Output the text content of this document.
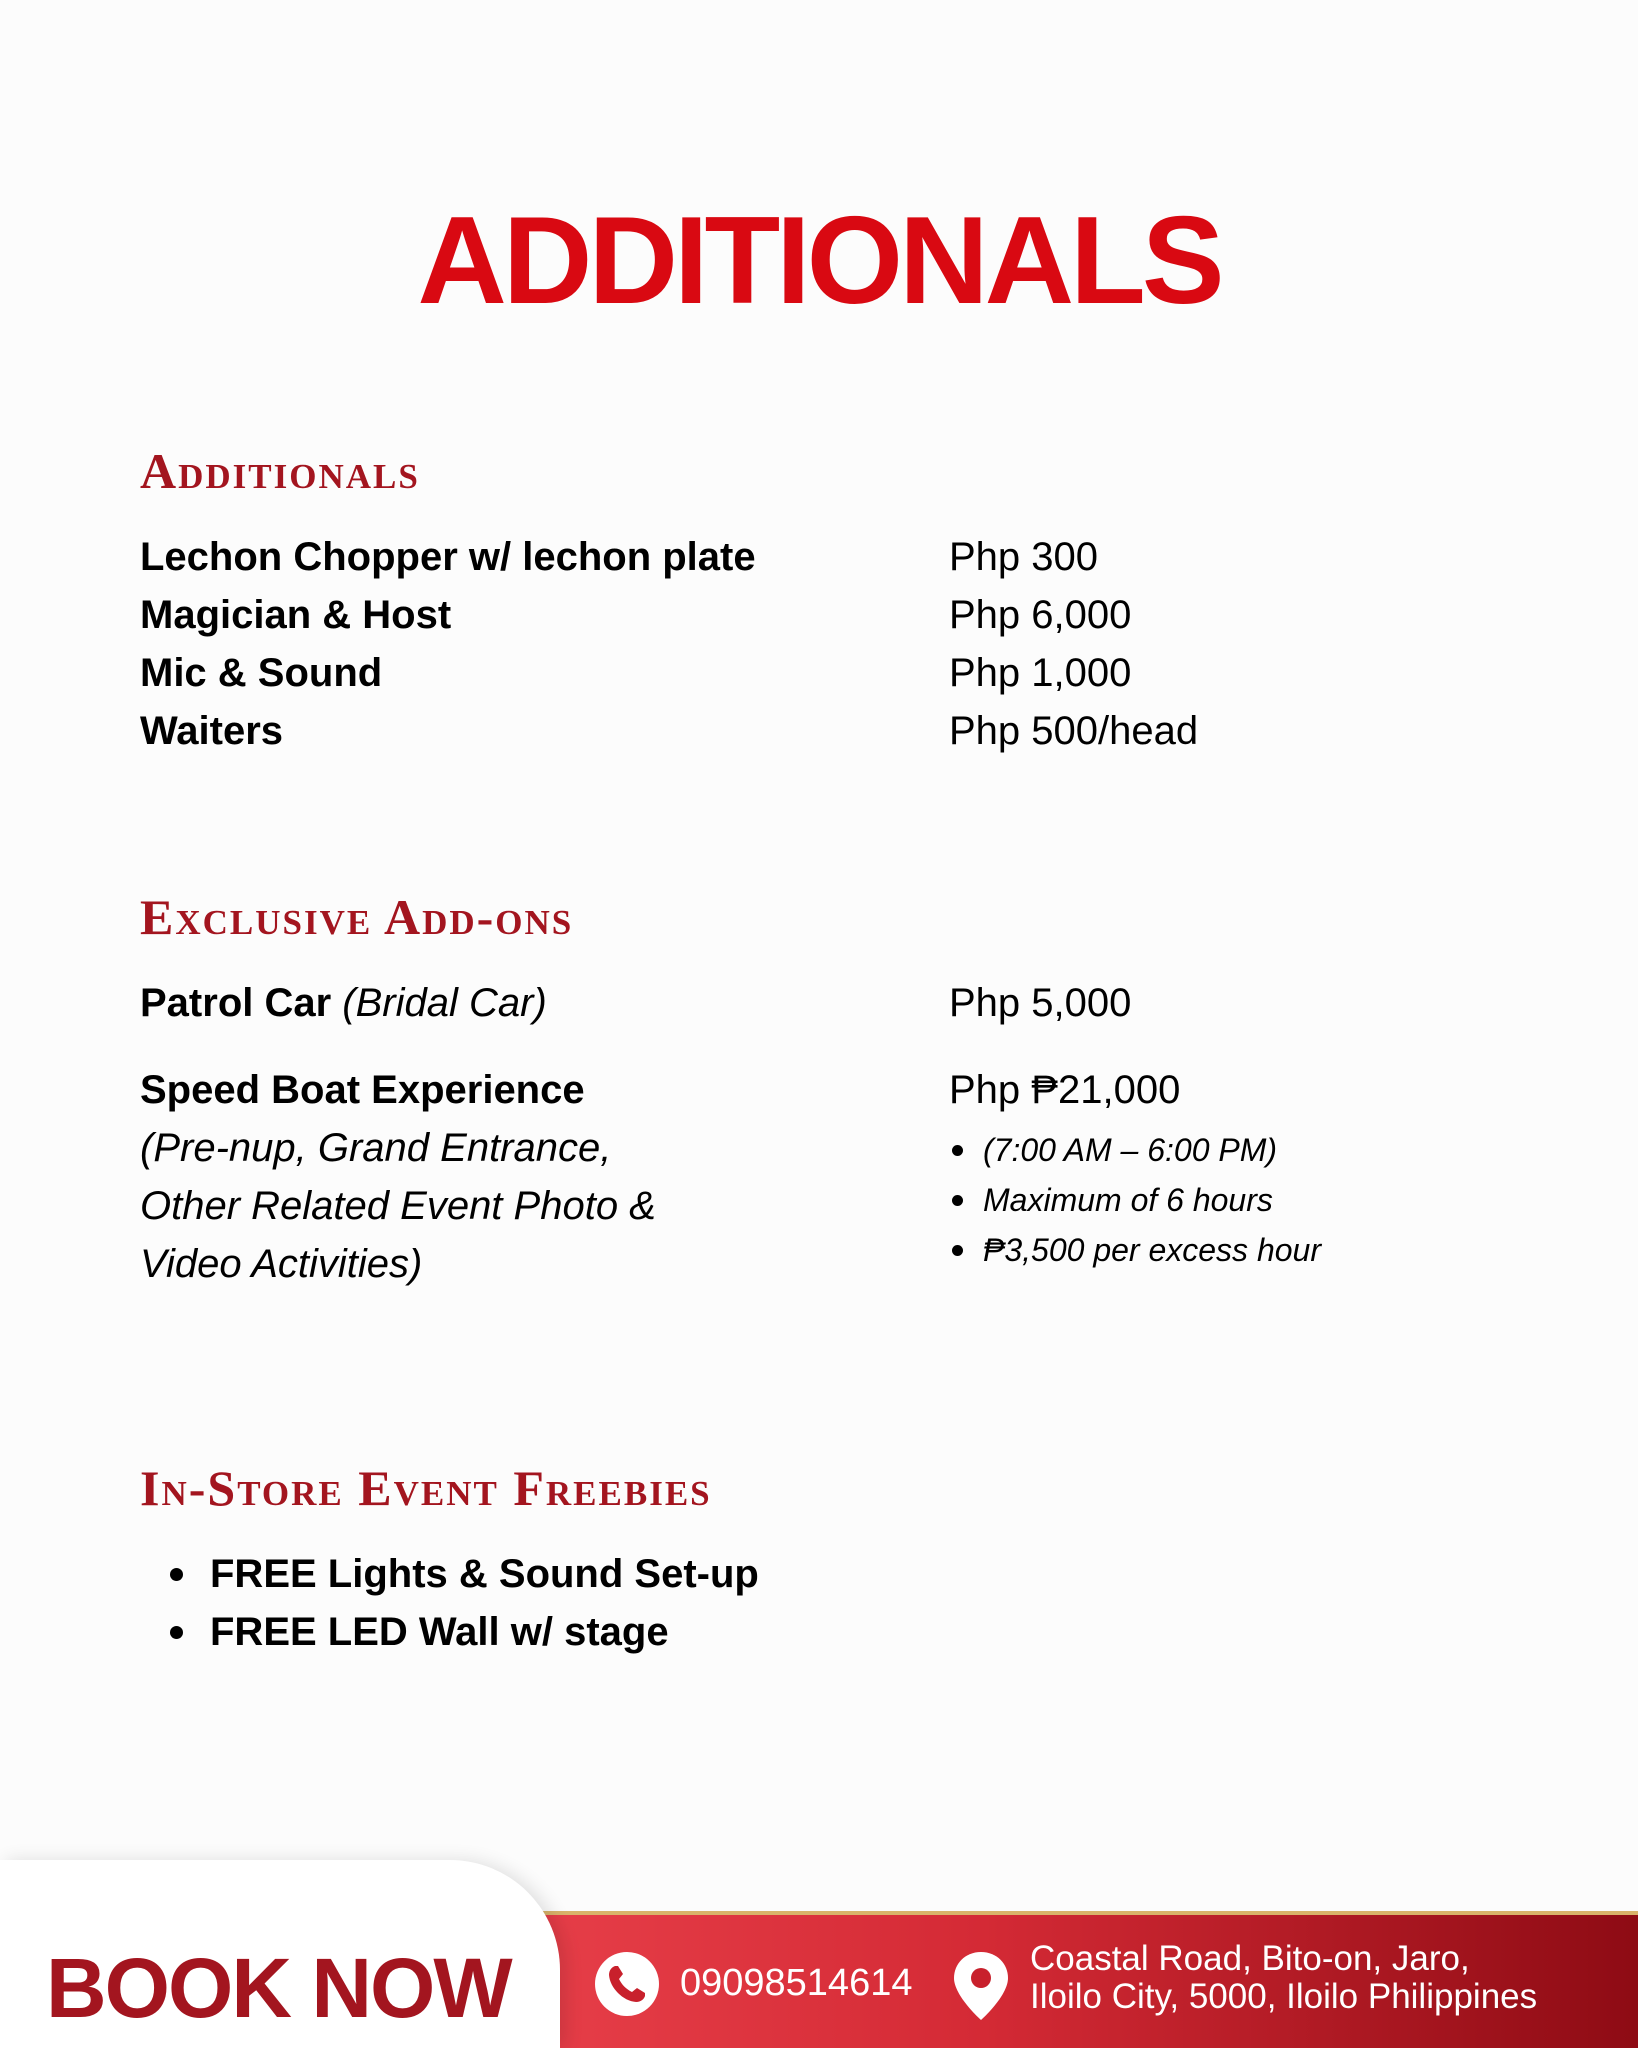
ADDITIONALS
Additionals
Lechon Chopper w/ lechon plate	Php 300
Magician & Host	Php 6,000
Mic & Sound	Php 1,000
Waiters	Php 500/head
Exclusive Add-ons
Patrol Car (Bridal Car)	Php 5,000
Speed Boat Experience	Php ₱21,000
(Pre-nup, Grand Entrance,
Other Related Event Photo &
Video Activities)
(7:00 AM – 6:00 PM)
Maximum of 6 hours
₱3,500 per excess hour
In-Store Event Freebies
FREE Lights & Sound Set-up
FREE LED Wall w/ stage
BOOK NOW	09098514614
Coastal Road, Bito-on, Jaro,
Iloilo City, 5000, Iloilo Philippines
